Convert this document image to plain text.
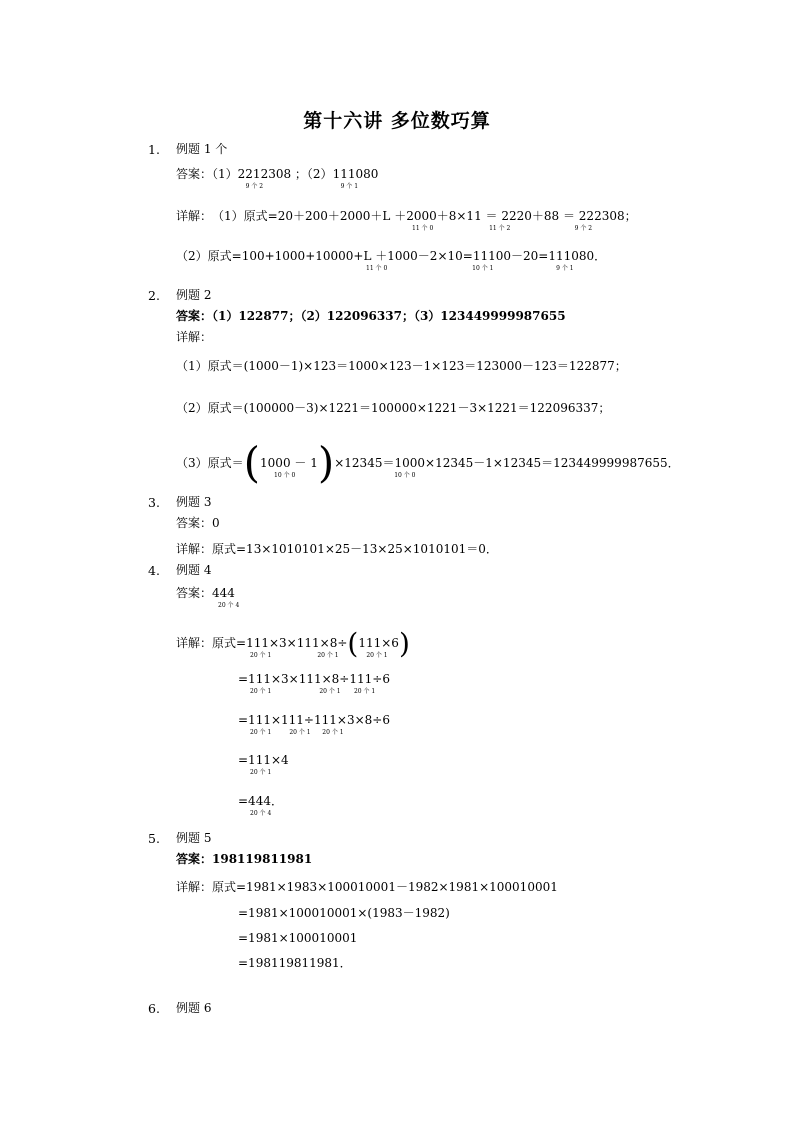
第十六讲 多位数巧算
1. 例题 1 个
答案：（1）221
9 个 2
2308 ；（2）11
9 个 1
1080
详解：（1）原式=20＋200＋2000＋L ＋200
11 个 0
0＋8×11 ＝ 22
11 个 2
20＋88 ＝ 22
9 个 2
2308；
（2）原式=100+1000+10000+L ＋100
11 个 0
0－2×10=11
10 个 1
100－20=11
9 个 1
1080．
2. 例题 2
答案：（1）122877；（2）122096337；（3）123449999987655
详解：
（1）原式＝(1000－1)×123＝1000×123－1×123＝123000－123＝122877；
（2）原式＝(100000－3)×1221＝100000×1221－3×1221＝122096337；
（3）原式＝(100
10 个 0
0 － 1)×12345＝100
10 个 0
0×12345－1×12345＝123449999987655．
3. 例题 3
答案：0
详解：原式=13×1010101×25－13×25×1010101＝0．
4. 例题 4
答案：44
20 个 4
4
详解：原式=11
20 个 1
1×3×11
20 个 1
1×8÷(11
20 个 1
1×6)
=11
20 个 1
1×3×11
20 个 1
1×8÷11
20 个 1
1÷6
=11
20 个 1
1×11
20 个 1
1÷11
20 个 1
1×3×8÷6
=11
20 个 1
1×4
=44
20 个 4
4．
5. 例题 5
答案：198119811981
详解：原式=1981×1983×100010001－1982×1981×100010001
=1981×100010001×(1983－1982)
=1981×100010001
=198119811981．
6. 例题 6
